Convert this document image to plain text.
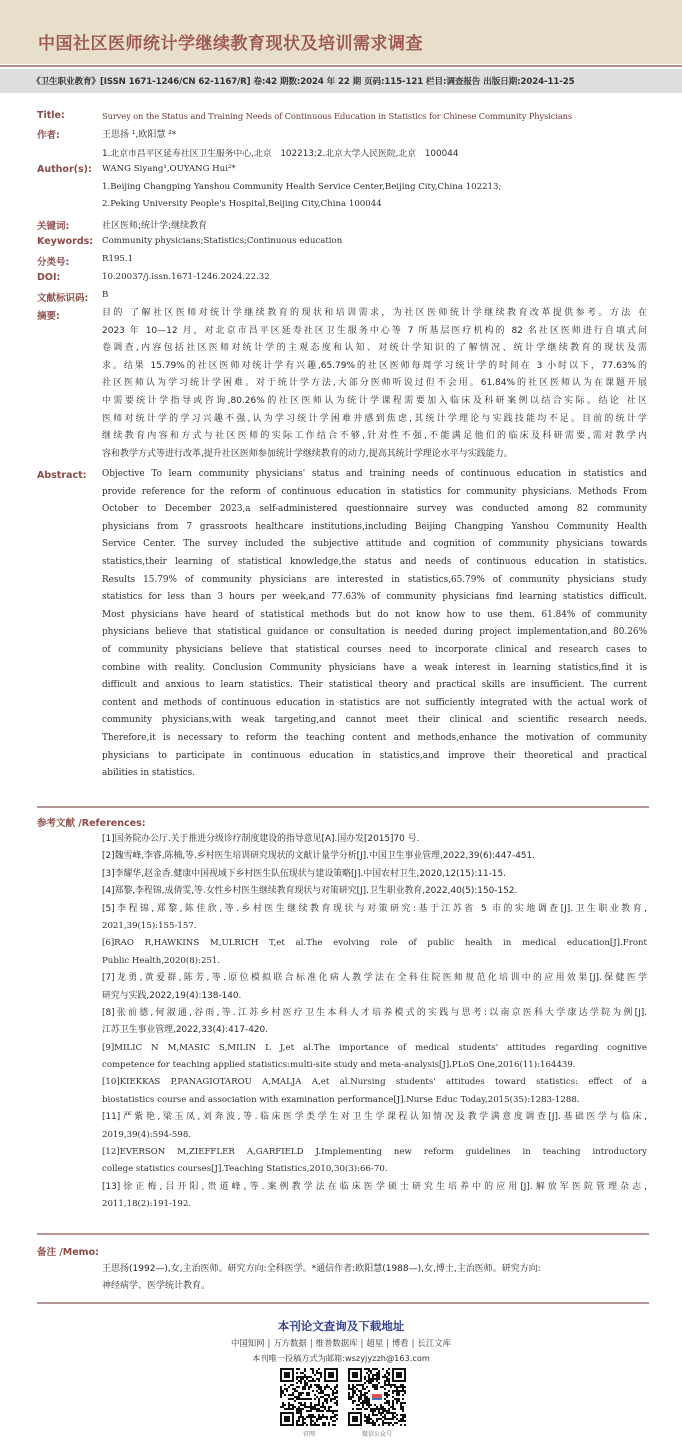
中国社区医师统计学继续教育现状及培训需求调查
《卫生职业教育》[ISSN 1671-1246/CN 62-1167/R] 卷:42 期数:2024 年 22 期 页码:115-121 栏目:调查报告 出版日期:2024-11-25
Title:	Survey on the Status and Training Needs of Continuous Education in Statistics for Chinese Community Physicians
作者:	王思扬 ¹,欧阳慧 ²*
1.北京市昌平区延寿社区卫生服务中心,北京　102213;2.北京大学人民医院,北京　100044
Author(s): WANG Siyang¹,OUYANG Hui²*
1.Beijing Changping Yanshou Community Health Service Center,Beijing City,China 102213;
2.Peking University People's Hospital,Beijing City,China 100044
关键词:	社区医师;统计学;继续教育
Keywords: Community physicians;Statistics;Continuous education
分类号:	R195.1
DOI:	10.20037/j.issn.1671-1246.2024.22.32
文献标识码: B
摘要:	目的 了解社区医师对统计学继续教育的现状和培训需求，为社区医师统计学继续教育改革提供参考。方法 在
2023 年 10—12 月，对北京市昌平区延寿社区卫生服务中心等 7 所基层医疗机构的 82 名社区医师进行自填式问
卷调查,内容包括社区医师对统计学的主观态度和认知、对统计学知识的了解情况、统计学继续教育的现状及需
求。结果 15.79%的社区医师对统计学有兴趣,65.79%的社区医师每周学习统计学的时间在 3 小时以下，77.63%的
社区医师认为学习统计学困难。对于统计学方法,大部分医师听说过但不会用。61.84%的社区医师认为在课题开展
中需要统计学指导或咨询,80.26%的社区医师认为统计学课程需要加入临床及科研案例以结合实际。结论 社区
医师对统计学的学习兴趣不强,认为学习统计学困难并感到焦虑,其统计学理论与实践技能均不足。目前的统计学
继续教育内容和方式与社区医师的实际工作结合不够,针对性不强,不能满足他们的临床及科研需要,需对教学内
容和教学方式等进行改革,提升社区医师参加统计学继续教育的动力,提高其统计学理论水平与实践能力。
Abstract: Objective To learn community physicians' status and training needs of continuous education in statistics and
provide reference for the reform of continuous education in statistics for community physicians. Methods From
October to December 2023,a self-administered questionnaire survey was conducted among 82 community
physicians from 7 grassroots healthcare institutions,including Beijing Changping Yanshou Community Health
Service Center. The survey included the subjective attitude and cognition of community physicians towards
statistics,their learning of statistical knowledge,the status and needs of continuous education in statistics.
Results 15.79% of community physicians are interested in statistics,65.79% of community physicians study
statistics for less than 3 hours per week,and 77.63% of community physicians find learning statistics difficult.
Most physicians have heard of statistical methods but do not know how to use them. 61.84% of community
physicians believe that statistical guidance or consultation is needed during project implementation,and 80.26%
of community physicians believe that statistical courses need to incorporate clinical and research cases to
combine with reality. Conclusion Community physicians have a weak interest in learning statistics,find it is
difficult and anxious to learn statistics. Their statistical theory and practical skills are insufficient. The current
content and methods of continuous education in statistics are not sufficiently integrated with the actual work of
community physicians,with weak targeting,and cannot meet their clinical and scientific research needs.
Therefore,it is necessary to reform the teaching content and methods,enhance the motivation of community
physicians to participate in continuous education in statistics,and improve their theoretical and practical
abilities in statistics.
参考文献 /References:
[1]国务院办公厅.关于推进分级诊疗制度建设的指导意见[A].国办发[2015]70 号.
[2]魏雪峰,李睿,陈楠,等.乡村医生培训研究现状的文献计量学分析[J].中国卫生事业管理,2022,39(6):447-451.
[3]李耀华,赵金香.健康中国视域下乡村医生队伍现状与建设策略[J].中国农村卫生,2020,12(15):11-15.
[4]郑黎,李程锦,成倩雯,等.女性乡村医生继续教育现状与对策研究[J].卫生职业教育,2022,40(5):150-152.
[5]李程锦,郑黎,陈佳欣,等.乡村医生继续教育现状与对策研究:基于江苏省 5 市的实地调查[J].卫生职业教育,
2021,39(15):155-157.
[6]RAO R,HAWKINS M,ULRICH T,et al.The evolving role of public health in medical education[J].Front
Public Health,2020(8):251.
[7]龙勇,黄爱群,陈芳,等.原位模拟联合标准化病人教学法在全科住院医师规范化培训中的应用效果[J].保健医学
研究与实践,2022,19(4):138-140.
[8]张前德,何淑通,谷雨,等.江苏乡村医疗卫生本科人才培养模式的实践与思考:以南京医科大学康达学院为例[J].
江苏卫生事业管理,2022,33(4):417-420.
[9]MILIC N M,MASIC S,MILIN L J,et al.The importance of medical students' attitudes regarding cognitive
competence for teaching applied statistics:multi-site study and meta-analysis[J].PLoS One,2016(11):164439.
[10]KIEKKAS P,PANAGIOTAROU A,MALJA A,et al.Nursing students' attitudes toward statistics: effect of a
biostatistics course and association with examination performance[J].Nurse Educ Today,2015(35):1283-1288.
[11]严紫艳,梁玉凤,刘奔波,等.临床医学类学生对卫生学课程认知情况及教学满意度调查[J].基础医学与临床,
2019,39(4):594-598.
[12]EVERSON M,ZIEFFLER A,GARFIELD J.Implementing new reform guidelines in teaching introductory
college statistics courses[J].Teaching Statistics,2010,30(3):66-70.
[13]徐正梅,吕开阳,贵道峰,等.案例教学法在临床医学硕士研究生培养中的应用[J].解放军医院管理杂志,
2011,18(2):191-192.
备注 /Memo:
王思扬(1992—),女,主治医师。研究方向:全科医学。*通信作者:欧阳慧(1988—),女,博士,主治医师。研究方向:
神经病学、医学统计教育。
本刊论文查询及下载地址
中国知网 | 万方数据 | 维普数据库 | 超星 | 博看 | 长江文库
本刊唯一投稿方式为邮箱:wszyjyzzh@163.com
官网	微信公众号
